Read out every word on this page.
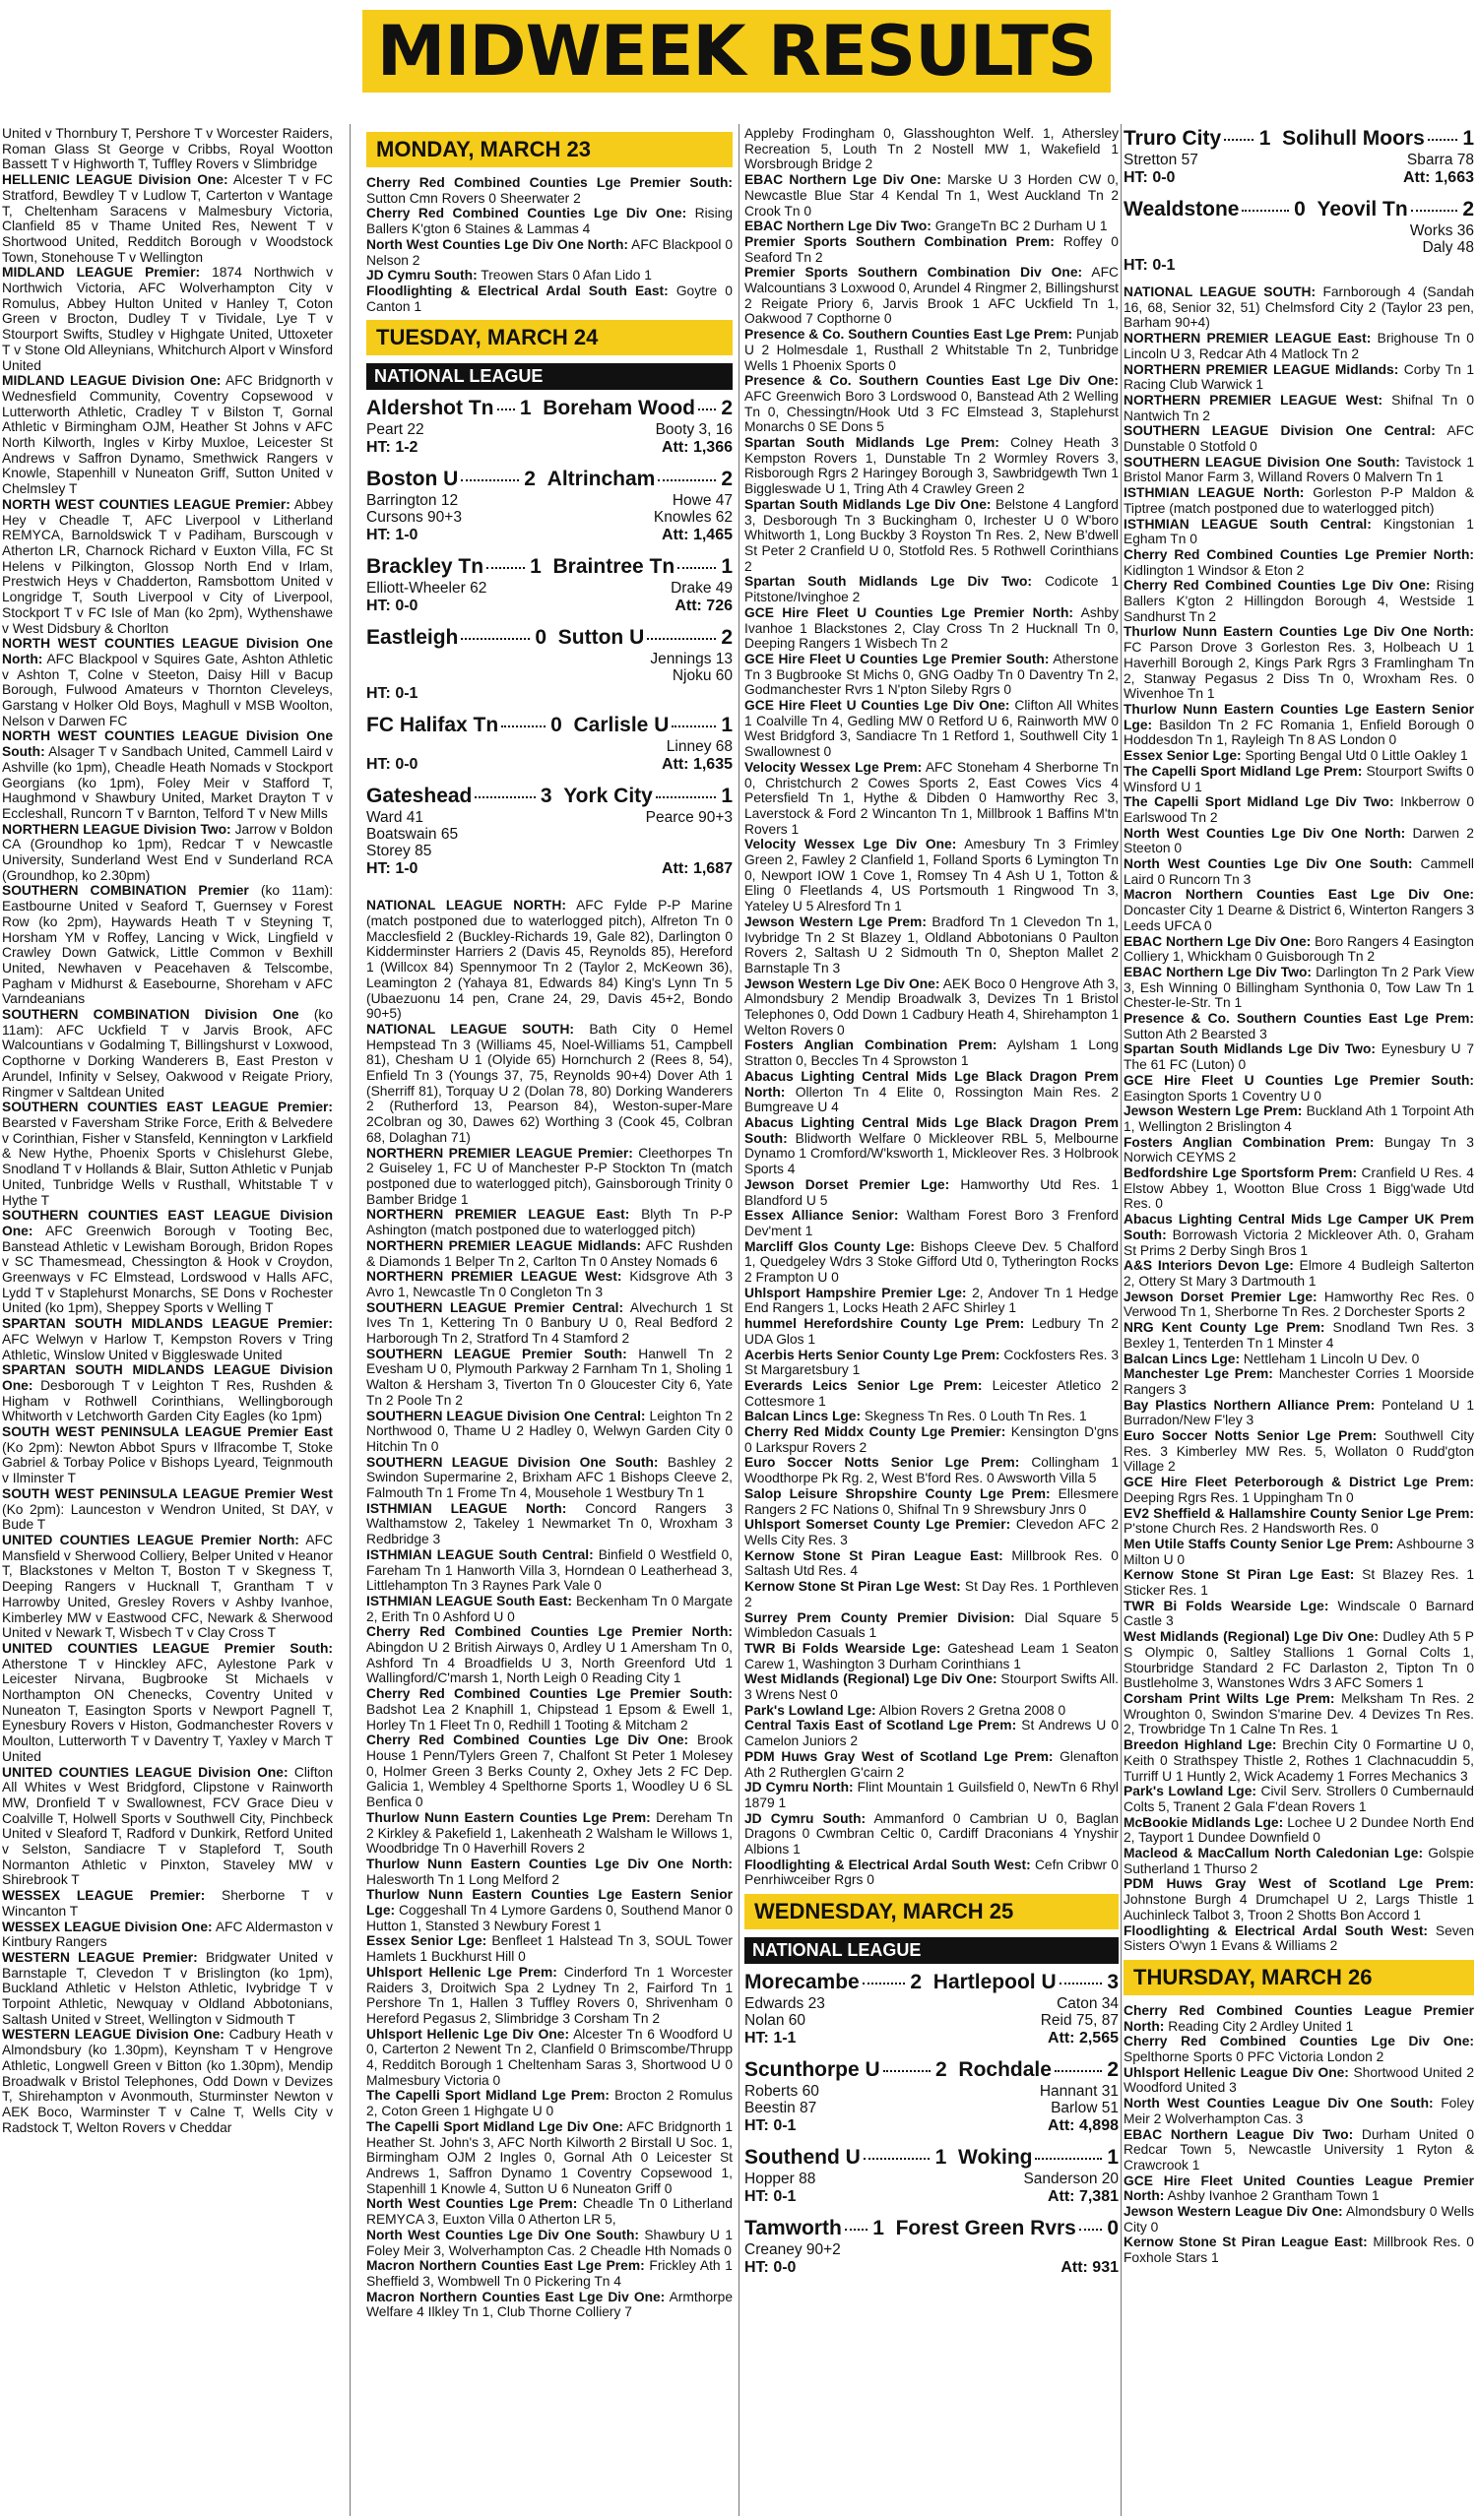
MIDWEEK RESULTS

United v Thornbury T, Pershore T v Worcester Raiders, Roman Glass St George v Cribbs, Royal Wootton Bassett T v Highworth T, Tuffley Rovers v Slimbridge

HELLENIC LEAGUE Division One: Alcester T v FC Stratford, Bewdley T v Ludlow T, Carterton v Wantage T, Cheltenham Saracens v Malmesbury Victoria, Clanfield 85 v Thame United Res, Newent T v Shortwood United, Redditch Borough v Woodstock Town, Stonehouse T v Wellington

MIDLAND LEAGUE Premier: 1874 Northwich v Northwich Victoria, AFC Wolverhampton City v Romulus, Abbey Hulton United v Hanley T, Coton Green v Brocton, Dudley T v Tividale, Lye T v Stourport Swifts, Studley v Highgate United, Uttoxeter T v Stone Old Alleynians, Whitchurch Alport v Winsford United

MIDLAND LEAGUE Division One: AFC Bridgnorth v Wednesfield Community, Coventry Copsewood v Lutterworth Athletic, Cradley T v Bilston T, Gornal Athletic v Birmingham OJM, Heather St Johns v AFC North Kilworth, Ingles v Kirby Muxloe, Leicester St Andrews v Saffron Dynamo, Smethwick Rangers v Knowle, Stapenhill v Nuneaton Griff, Sutton United v Chelmsley T

NORTH WEST COUNTIES LEAGUE Premier: Abbey Hey v Cheadle T, AFC Liverpool v Litherland REMYCA, Barnoldswick T v Padiham, Burscough v Atherton LR, Charnock Richard v Euxton Villa, FC St Helens v Pilkington, Glossop North End v Irlam, Prestwich Heys v Chadderton, Ramsbottom United v Longridge T, South Liverpool v City of Liverpool, Stockport T v FC Isle of Man (ko 2pm), Wythenshawe v West Didsbury & Chorlton

NORTH WEST COUNTIES LEAGUE Division One North: AFC Blackpool v Squires Gate, Ashton Athletic v Ashton T, Colne v Steeton, Daisy Hill v Bacup Borough, Fulwood Amateurs v Thornton Cleveleys, Garstang v Holker Old Boys, Maghull v MSB Woolton, Nelson v Darwen FC

NORTH WEST COUNTIES LEAGUE Division One South: Alsager T v Sandbach United, Cammell Laird v Ashville (ko 1pm), Cheadle Heath Nomads v Stockport Georgians (ko 1pm), Foley Meir v Stafford T, Haughmond v Shawbury United, Market Drayton T v Eccleshall, Runcorn T v Barnton, Telford T v New Mills

NORTHERN LEAGUE Division Two: Jarrow v Boldon CA (Groundhop ko 1pm), Redcar T v Newcastle University, Sunderland West End v Sunderland RCA (Groundhop, ko 2.30pm)

SOUTHERN COMBINATION Premier (ko 11am): Eastbourne United v Seaford T, Guernsey v Forest Row (ko 2pm), Haywards Heath T v Steyning T, Horsham YM v Roffey, Lancing v Wick, Lingfield v Crawley Down Gatwick, Little Common v Bexhill United, Newhaven v Peacehaven & Telscombe, Pagham v Midhurst & Easebourne, Shoreham v AFC Varndeanians

SOUTHERN COMBINATION Division One (ko 11am): AFC Uckfield T v Jarvis Brook, AFC Walcountians v Godalming T, Billingshurst v Loxwood, Copthorne v Dorking Wanderers B, East Preston v Arundel, Infinity v Selsey, Oakwood v Reigate Priory, Ringmer v Saltdean United

SOUTHERN COUNTIES EAST LEAGUE Premier: Bearsted v Faversham Strike Force, Erith & Belvedere v Corinthian, Fisher v Stansfeld, Kennington v Larkfield & New Hythe, Phoenix Sports v Chislehurst Glebe, Snodland T v Hollands & Blair, Sutton Athletic v Punjab United, Tunbridge Wells v Rusthall, Whitstable T v Hythe T

SOUTHERN COUNTIES EAST LEAGUE Division One: AFC Greenwich Borough v Tooting Bec, Banstead Athletic v Lewisham Borough, Bridon Ropes v SC Thamesmead, Chessington & Hook v Croydon, Greenways v FC Elmstead, Lordswood v Halls AFC, Lydd T v Staplehurst Monarchs, SE Dons v Rochester United (ko 1pm), Sheppey Sports v Welling T

SPARTAN SOUTH MIDLANDS LEAGUE Premier: AFC Welwyn v Harlow T, Kempston Rovers v Tring Athletic, Winslow United v Biggleswade United

SPARTAN SOUTH MIDLANDS LEAGUE Division One: Desborough T v Leighton T Res, Rushden & Higham v Rothwell Corinthians, Wellingborough Whitworth v Letchworth Garden City Eagles (ko 1pm)

SOUTH WEST PENINSULA LEAGUE Premier East (Ko 2pm): Newton Abbot Spurs v Ilfracombe T, Stoke Gabriel & Torbay Police v Bishops Lyeard, Teignmouth v Ilminster T

SOUTH WEST PENINSULA LEAGUE Premier West (Ko 2pm): Launceston v Wendron United, St DAY, v Bude T

UNITED COUNTIES LEAGUE Premier North: AFC Mansfield v Sherwood Colliery, Belper United v Heanor T, Blackstones v Melton T, Boston T v Skegness T, Deeping Rangers v Hucknall T, Grantham T v Harrowby United, Gresley Rovers v Ashby Ivanhoe, Kimberley MW v Eastwood CFC, Newark & Sherwood United v Newark T, Wisbech T v Clay Cross T

UNITED COUNTIES LEAGUE Premier South: Atherstone T v Hinckley AFC, Aylestone Park v Leicester Nirvana, Bugbrooke St Michaels v Northampton ON Chenecks, Coventry United v Nuneaton T, Easington Sports v Newport Pagnell T, Eynesbury Rovers v Histon, Godmanchester Rovers v Moulton, Lutterworth T v Daventry T, Yaxley v March T United

UNITED COUNTIES LEAGUE Division One: Clifton All Whites v West Bridgford, Clipstone v Rainworth MW, Dronfield T v Swallownest, FCV Grace Dieu v Coalville T, Holwell Sports v Southwell City, Pinchbeck United v Sleaford T, Radford v Dunkirk, Retford United v Selston, Sandiacre T v Stapleford T, South Normanton Athletic v Pinxton, Staveley MW v Shirebrook T

WESSEX LEAGUE Premier: Sherborne T v Wincanton T

WESSEX LEAGUE Division One: AFC Aldermaston v Kintbury Rangers

WESTERN LEAGUE Premier: Bridgwater United v Barnstaple T, Clevedon T v Brislington (ko 1pm), Buckland Athletic v Helston Athletic, Ivybridge T v Torpoint Athletic, Newquay v Oldland Abbotonians, Saltash United v Street, Wellington v Sidmouth T

WESTERN LEAGUE Division One: Cadbury Heath v Almondsbury (ko 1.30pm), Keynsham T v Hengrove Athletic, Longwell Green v Bitton (ko 1.30pm), Mendip Broadwalk v Bristol Telephones, Odd Down v Devizes T, Shirehampton v Avonmouth, Sturminster Newton v AEK Boco, Warminster T v Calne T, Wells City v Radstock T, Welton Rovers v Cheddar

MONDAY, MARCH 23

Cherry Red Combined Counties Lge Premier South: Sutton Cmn Rovers 0 Sheerwater 2

Cherry Red Combined Counties Lge Div One: Rising Ballers K'gton 6 Staines & Lammas 4

North West Counties Lge Div One North: AFC Blackpool 0 Nelson 2

JD Cymru South: Treowen Stars 0 Afan Lido 1

Floodlighting & Electrical Ardal South East: Goytre 0 Canton 1

TUESDAY, MARCH 24
NATIONAL LEAGUE
Aldershot Tn 1
Boreham Wood 2
Peart 22	Booty 3, 16
HT: 1-2	Att: 1,366
Boston U	2
Altrincham	2
Barrington 12	Howe 47
Cursons 90+3	Knowles 62
HT: 1-0	Att: 1,465
Brackley Tn 1
Braintree Tn 1
Elliott-Wheeler 62	Drake 49
HT: 0-0	Att: 726
Eastleigh	0
Sutton U	2
Jennings 13
Njoku 60
HT: 0-1
FC Halifax Tn	0
Carlisle U	1
Linney 68
HT: 0-0	Att: 1,635
Gateshead	3
York City	1
Ward 41	Pearce 90+3
Boatswain 65
Storey 85
HT: 1-0	Att: 1,687

NATIONAL LEAGUE NORTH: AFC Fylde P-P Marine (match postponed due to waterlogged pitch), Alfreton Tn 0 Macclesfield 2 (Buckley-Richards 19, Gale 82), Darlington 0 Kidderminster Harriers 2 (Davis 45, Reynolds 85), Hereford 1 (Willcox 84) Spennymoor Tn 2 (Taylor 2, McKeown 36), Leamington 2 (Yahaya 81, Edwards 84) King's Lynn Tn 5 (Ubaezuonu 14 pen, Crane 24, 29, Davis 45+2, Bondo 90+5)

NATIONAL LEAGUE SOUTH: Bath City 0 Hemel Hempstead Tn 3 (Williams 45, Noel-Williams 51, Campbell 81), Chesham U 1 (Olyide 65) Hornchurch 2 (Rees 8, 54), Enfield Tn 3 (Youngs 37, 75, Reynolds 90+4) Dover Ath 1 (Sherriff 81), Torquay U 2 (Dolan 78, 80) Dorking Wanderers 2 (Rutherford 13, Pearson 84), Weston-super-Mare 2Colbran og 30, Dawes 62) Worthing 3 (Cook 45, Colbran 68, Dolaghan 71)

NORTHERN PREMIER LEAGUE Premier: Cleethorpes Tn 2 Guiseley 1, FC U of Manchester P-P Stockton Tn (match postponed due to waterlogged pitch), Gainsborough Trinity 0 Bamber Bridge 1

NORTHERN PREMIER LEAGUE East: Blyth Tn P-P Ashington (match postponed due to waterlogged pitch)

NORTHERN PREMIER LEAGUE Midlands: AFC Rushden & Diamonds 1 Belper Tn 2, Carlton Tn 0 Anstey Nomads 6

NORTHERN PREMIER LEAGUE West: Kidsgrove Ath 3 Avro 1, Newcastle Tn 0 Congleton Tn 3

SOUTHERN LEAGUE Premier Central: Alvechurch 1 St Ives Tn 1, Kettering Tn 0 Banbury U 0, Real Bedford 2 Harborough Tn 2, Stratford Tn 4 Stamford 2

SOUTHERN LEAGUE Premier South: Hanwell Tn 2 Evesham U 0, Plymouth Parkway 2 Farnham Tn 1, Sholing 1 Walton & Hersham 3, Tiverton Tn 0 Gloucester City 6, Yate Tn 2 Poole Tn 2

SOUTHERN LEAGUE Division One Central: Leighton Tn 2 Northwood 0, Thame U 2 Hadley 0, Welwyn Garden City 0 Hitchin Tn 0

SOUTHERN LEAGUE Division One South: Bashley 2 Swindon Supermarine 2, Brixham AFC 1 Bishops Cleeve 2, Falmouth Tn 1 Frome Tn 4, Mousehole 1 Westbury Tn 1

ISTHMIAN LEAGUE North: Concord Rangers 3 Walthamstow 2, Takeley 1 Newmarket Tn 0, Wroxham 3 Redbridge 3

ISTHMIAN LEAGUE South Central: Binfield 0 Westfield 0, Fareham Tn 1 Hanworth Villa 3, Horndean 0 Leatherhead 3, Littlehampton Tn 3 Raynes Park Vale 0

ISTHMIAN LEAGUE South East: Beckenham Tn 0 Margate 2, Erith Tn 0 Ashford U 0

Cherry Red Combined Counties Lge Premier North: Abingdon U 2 British Airways 0, Ardley U 1 Amersham Tn 0, Ashford Tn 4 Broadfields U 3, North Greenford Utd 1 Wallingford/C'marsh 1, North Leigh 0 Reading City 1

Cherry Red Combined Counties Lge Premier South: Badshot Lea 2 Knaphill 1, Chipstead 1 Epsom & Ewell 1, Horley Tn 1 Fleet Tn 0, Redhill 1 Tooting & Mitcham 2

Cherry Red Combined Counties Lge Div One: Brook House 1 Penn/Tylers Green 7, Chalfont St Peter 1 Molesey 0, Holmer Green 3 Berks County 2, Oxhey Jets 2 FC Dep. Galicia 1, Wembley 4 Spelthorne Sports 1, Woodley U 6 SL Benfica 0

Thurlow Nunn Eastern Counties Lge Prem: Dereham Tn 2 Kirkley & Pakefield 1, Lakenheath 2 Walsham le Willows 1, Woodbridge Tn 0 Haverhill Rovers 2

Thurlow Nunn Eastern Counties Lge Div One North: Halesworth Tn 1 Long Melford 2

Thurlow Nunn Eastern Counties Lge Eastern Senior Lge: Coggeshall Tn 4 Lymore Gardens 0, Southend Manor 0 Hutton 1, Stansted 3 Newbury Forest 1

Essex Senior Lge: Benfleet 1 Halstead Tn 3, SOUL Tower Hamlets 1 Buckhurst Hill 0

Uhlsport Hellenic Lge Prem: Cinderford Tn 1 Worcester Raiders 3, Droitwich Spa 2 Lydney Tn 2, Fairford Tn 1 Pershore Tn 1, Hallen 3 Tuffley Rovers 0, Shrivenham 0 Hereford Pegasus 2, Slimbridge 3 Corsham Tn 2

Uhlsport Hellenic Lge Div One: Alcester Tn 6 Woodford U 0, Carterton 2 Newent Tn 2, Clanfield 0 Brimscombe/Thrupp 4, Redditch Borough 1 Cheltenham Saras 3, Shortwood U 0 Malmesbury Victoria 0

The Capelli Sport Midland Lge Prem: Brocton 2 Romulus 2, Coton Green 1 Highgate U 0

The Capelli Sport Midland Lge Div One: AFC Bridgnorth 1 Heather St. John's 3, AFC North Kilworth 2 Birstall U Soc. 1, Birmingham OJM 2 Ingles 0, Gornal Ath 0 Leicester St Andrews 1, Saffron Dynamo 1 Coventry Copsewood 1, Stapenhill 1 Knowle 4, Sutton U 6 Nuneaton Griff 0

North West Counties Lge Prem: Cheadle Tn 0 Litherland REMYCA 3, Euxton Villa 0 Atherton LR 5,

North West Counties Lge Div One South: Shawbury U 1 Foley Meir 3, Wolverhampton Cas. 2 Cheadle Hth Nomads 0

Macron Northern Counties East Lge Prem: Frickley Ath 1 Sheffield 3, Wombwell Tn 0 Pickering Tn 4

Macron Northern Counties East Lge Div One: Armthorpe Welfare 4 Ilkley Tn 1, Club Thorne Colliery 7

Appleby Frodingham 0, Glasshoughton Welf. 1, Athersley Recreation 5, Louth Tn 2 Nostell MW 1, Wakefield 1 Worsbrough Bridge 2

EBAC Northern Lge Div One: Marske U 3 Horden CW 0, Newcastle Blue Star 4 Kendal Tn 1, West Auckland Tn 2 Crook Tn 0

EBAC Northern Lge Div Two: GrangeTn BC 2 Durham U 1

Premier Sports Southern Combination Prem: Roffey 0 Seaford Tn 2

Premier Sports Southern Combination Div One: AFC Walcountians 3 Loxwood 0, Arundel 4 Ringmer 2, Billingshurst 2 Reigate Priory 6, Jarvis Brook 1 AFC Uckfield Tn 1, Oakwood 7 Copthorne 0

Presence & Co. Southern Counties East Lge Prem: Punjab U 2 Holmesdale 1, Rusthall 2 Whitstable Tn 2, Tunbridge Wells 1 Phoenix Sports 0

Presence & Co. Southern Counties East Lge Div One: AFC Greenwich Boro 3 Lordswood 0, Banstead Ath 2 Welling Tn 0, Chessingtn/Hook Utd 3 FC Elmstead 3, Staplehurst Monarchs 0 SE Dons 5

Spartan South Midlands Lge Prem: Colney Heath 3 Kempston Rovers 1, Dunstable Tn 2 Wormley Rovers 3, Risborough Rgrs 2 Haringey Borough 3, Sawbridgewth Twn 1 Biggleswade U 1, Tring Ath 4 Crawley Green 2

Spartan South Midlands Lge Div One: Belstone 4 Langford 3, Desborough Tn 3 Buckingham 0, Irchester U 0 W'boro Whitworth 1, Long Buckby 3 Royston Tn Res. 2, New B'dwell St Peter 2 Cranfield U 0, Stotfold Res. 5 Rothwell Corinthians 2

Spartan South Midlands Lge Div Two: Codicote 1 Pitstone/Ivinghoe 2

GCE Hire Fleet U Counties Lge Premier North: Ashby Ivanhoe 1 Blackstones 2, Clay Cross Tn 2 Hucknall Tn 0, Deeping Rangers 1 Wisbech Tn 2

GCE Hire Fleet U Counties Lge Premier South: Atherstone Tn 3 Bugbrooke St Michs 0, GNG Oadby Tn 0 Daventry Tn 2, Godmanchester Rvrs 1 N'pton Sileby Rgrs 0

GCE Hire Fleet U Counties Lge Div One: Clifton All Whites 1 Coalville Tn 4, Gedling MW 0 Retford U 6, Rainworth MW 0 West Bridgford 3, Sandiacre Tn 1 Retford 1, Southwell City 1 Swallownest 0

Velocity Wessex Lge Prem: AFC Stoneham 4 Sherborne Tn 0, Christchurch 2 Cowes Sports 2, East Cowes Vics 4 Petersfield Tn 1, Hythe & Dibden 0 Hamworthy Rec 3, Laverstock & Ford 2 Wincanton Tn 1, Millbrook 1 Baffins M'tn Rovers 1

Velocity Wessex Lge Div One: Amesbury Tn 3 Frimley Green 2, Fawley 2 Clanfield 1, Folland Sports 6 Lymington Tn 0, Newport IOW 1 Cove 1, Romsey Tn 4 Ash U 1, Totton & Eling 0 Fleetlands 4, US Portsmouth 1 Ringwood Tn 3, Yateley U 5 Alresford Tn 1

Jewson Western Lge Prem: Bradford Tn 1 Clevedon Tn 1, Ivybridge Tn 2 St Blazey 1, Oldland Abbotonians 0 Paulton Rovers 2, Saltash U 2 Sidmouth Tn 0, Shepton Mallet 2 Barnstaple Tn 3

Jewson Western Lge Div One: AEK Boco 0 Hengrove Ath 3, Almondsbury 2 Mendip Broadwalk 3, Devizes Tn 1 Bristol Telephones 0, Odd Down 1 Cadbury Heath 4, Shirehampton 1 Welton Rovers 0

Fosters Anglian Combination Prem: Aylsham 1 Long Stratton 0, Beccles Tn 4 Sprowston 1

Abacus Lighting Central Mids Lge Black Dragon Prem North: Ollerton Tn 4 Elite 0, Rossington Main Res. 2 Bumgreave U 4

Abacus Lighting Central Mids Lge Black Dragon Prem South: Blidworth Welfare 0 Mickleover RBL 5, Melbourne Dynamo 1 Cromford/W'ksworth 1, Mickleover Res. 3 Holbrook Sports 4

Jewson Dorset Premier Lge: Hamworthy Utd Res. 1 Blandford U 5

Essex Alliance Senior: Waltham Forest Boro 3 Frenford Dev'ment 1

Marcliff Glos County Lge: Bishops Cleeve Dev. 5 Chalford 1, Quedgeley Wdrs 3 Stoke Gifford Utd 0, Tytherington Rocks 2 Frampton U 0

Uhlsport Hampshire Premier Lge: 2, Andover Tn 1 Hedge End Rangers 1, Locks Heath 2 AFC Shirley 1

hummel Herefordshire County Lge Prem: Ledbury Tn 2 UDA Glos 1

Acerbis Herts Senior County Lge Prem: Cockfosters Res. 3 St Margaretsbury 1

Everards Leics Senior Lge Prem: Leicester Atletico 2 Cottesmore 1

Balcan Lincs Lge: Skegness Tn Res. 0 Louth Tn Res. 1

Cherry Red Middx County Lge Premier: Kensington D'gns 0 Larkspur Rovers 2

Euro Soccer Notts Senior Lge Prem: Collingham 1 Woodthorpe Pk Rg. 2, West B'ford Res. 0 Awsworth Villa 5

Salop Leisure Shropshire County Lge Prem: Ellesmere Rangers 2 FC Nations 0, Shifnal Tn 9 Shrewsbury Jnrs 0

Uhlsport Somerset County Lge Premier: Clevedon AFC 2 Wells City Res. 3

Kernow Stone St Piran League East: Millbrook Res. 0 Saltash Utd Res. 4

Kernow Stone St Piran Lge West: St Day Res. 1 Porthleven 2

Surrey Prem County Premier Division: Dial Square 5 Wimbledon Casuals 1

TWR Bi Folds Wearside Lge: Gateshead Leam 1 Seaton Carew 1, Washington 3 Durham Corinthians 1

West Midlands (Regional) Lge Div One: Stourport Swifts All. 3 Wrens Nest 0

Park's Lowland Lge: Albion Rovers 2 Gretna 2008 0

Central Taxis East of Scotland Lge Prem: St Andrews U 0 Camelon Juniors 2

PDM Huws Gray West of Scotland Lge Prem: Glenafton Ath 2 Rutherglen G'cairn 2

JD Cymru North: Flint Mountain 1 Guilsfield 0, NewTn 6 Rhyl 1879 1

JD Cymru South: Ammanford 0 Cambrian U 0, Baglan Dragons 0 Cwmbran Celtic 0, Cardiff Draconians 4 Ynyshir Albions 1

Floodlighting & Electrical Ardal South West: Cefn Cribwr 0 Penrhiwceiber Rgrs 0

WEDNESDAY, MARCH 25
NATIONAL LEAGUE
Morecambe 2
Hartlepool U 3
Edwards 23	Caton 34
Nolan 60	Reid 75, 87
HT: 1-1	Att: 2,565
Scunthorpe U	2
Rochdale	2
Roberts 60	Hannant 31
Beestin 87	Barlow 51
HT: 0-1	Att: 4,898
Southend U	1
Woking	1
Hopper 88	Sanderson 20
HT: 0-1	Att: 7,381
Tamworth 1
Forest Green Rvrs 0
Creaney 90+2
HT: 0-0	Att: 931
Truro City 1
Solihull Moors 1
Stretton 57	Sbarra 78
HT: 0-0	Att: 1,663
Wealdstone	0
Yeovil Tn	2
Works 36
Daly 48
HT: 0-1

NATIONAL LEAGUE SOUTH: Farnborough 4 (Sandah 16, 68, Senior 32, 51) Chelmsford City 2 (Taylor 23 pen, Barham 90+4)

NORTHERN PREMIER LEAGUE East: Brighouse Tn 0 Lincoln U 3, Redcar Ath 4 Matlock Tn 2

NORTHERN PREMIER LEAGUE Midlands: Corby Tn 1 Racing Club Warwick 1

NORTHERN PREMIER LEAGUE West: Shifnal Tn 0 Nantwich Tn 2

SOUTHERN LEAGUE Division One Central: AFC Dunstable 0 Stotfold 0

SOUTHERN LEAGUE Division One South: Tavistock 1 Bristol Manor Farm 3, Willand Rovers 0 Malvern Tn 1

ISTHMIAN LEAGUE North: Gorleston P-P Maldon & Tiptree (match postponed due to waterlogged pitch)

ISTHMIAN LEAGUE South Central: Kingstonian 1 Egham Tn 0

Cherry Red Combined Counties Lge Premier North: Kidlington 1 Windsor & Eton 2

Cherry Red Combined Counties Lge Div One: Rising Ballers K'gton 2 Hillingdon Borough 4, Westside 1 Sandhurst Tn 2

Thurlow Nunn Eastern Counties Lge Div One North: FC Parson Drove 3 Gorleston Res. 3, Holbeach U 1 Haverhill Borough 2, Kings Park Rgrs 3 Framlingham Tn 2, Stanway Pegasus 2 Diss Tn 0, Wroxham Res. 0 Wivenhoe Tn 1

Thurlow Nunn Eastern Counties Lge Eastern Senior Lge: Basildon Tn 2 FC Romania 1, Enfield Borough 0 Hoddesdon Tn 1, Rayleigh Tn 8 AS London 0

Essex Senior Lge: Sporting Bengal Utd 0 Little Oakley 1

The Capelli Sport Midland Lge Prem: Stourport Swifts 0 Winsford U 1

The Capelli Sport Midland Lge Div Two: Inkberrow 0 Earlswood Tn 2

North West Counties Lge Div One North: Darwen 2 Steeton 0

North West Counties Lge Div One South: Cammell Laird 0 Runcorn Tn 3

Macron Northern Counties East Lge Div One: Doncaster City 1 Dearne & District 6, Winterton Rangers 3 Leeds UFCA 0

EBAC Northern Lge Div One: Boro Rangers 4 Easington Colliery 1, Whickham 0 Guisborough Tn 2

EBAC Northern Lge Div Two: Darlington Tn 2 Park View 3, Esh Winning 0 Billingham Synthonia 0, Tow Law Tn 1 Chester-le-Str. Tn 1

Presence & Co. Southern Counties East Lge Prem: Sutton Ath 2 Bearsted 3

Spartan South Midlands Lge Div Two: Eynesbury U 7 The 61 FC (Luton) 0

GCE Hire Fleet U Counties Lge Premier South: Easington Sports 1 Coventry U 0

Jewson Western Lge Prem: Buckland Ath 1 Torpoint Ath 1, Wellington 2 Brislington 4

Fosters Anglian Combination Prem: Bungay Tn 3 Norwich CEYMS 2

Bedfordshire Lge Sportsform Prem: Cranfield U Res. 4 Elstow Abbey 1, Wootton Blue Cross 1 Bigg'wade Utd Res. 0

Abacus Lighting Central Mids Lge Camper UK Prem South: Borrowash Victoria 2 Mickleover Ath. 0, Graham St Prims 2 Derby Singh Bros 1

A&S Interiors Devon Lge: Elmore 4 Budleigh Salterton 2, Ottery St Mary 3 Dartmouth 1

Jewson Dorset Premier Lge: Hamworthy Rec Res. 0 Verwood Tn 1, Sherborne Tn Res. 2 Dorchester Sports 2

NRG Kent County Lge Prem: Snodland Twn Res. 3 Bexley 1, Tenterden Tn 1 Minster 4

Balcan Lincs Lge: Nettleham 1 Lincoln U Dev. 0

Manchester Lge Prem: Manchester Corries 1 Moorside Rangers 3

Bay Plastics Northern Alliance Prem: Ponteland U 1 Burradon/New F'ley 3

Euro Soccer Notts Senior Lge Prem: Southwell City Res. 3 Kimberley MW Res. 5, Wollaton 0 Rudd'gton Village 2

GCE Hire Fleet Peterborough & District Lge Prem: Deeping Rgrs Res. 1 Uppingham Tn 0

EV2 Sheffield & Hallamshire County Senior Lge Prem: P'stone Church Res. 2 Handsworth Res. 0

Men Utile Staffs County Senior Lge Prem: Ashbourne 3 Milton U 0

Kernow Stone St Piran Lge East: St Blazey Res. 1 Sticker Res. 1

TWR Bi Folds Wearside Lge: Windscale 0 Barnard Castle 3

West Midlands (Regional) Lge Div One: Dudley Ath 5 P S Olympic 0, Saltley Stallions 1 Gornal Colts 1, Stourbridge Standard 2 FC Darlaston 2, Tipton Tn 0 Bustleholme 3, Wanstones Wdrs 3 AFC Somers 1

Corsham Print Wilts Lge Prem: Melksham Tn Res. 2 Wroughton 0, Swindon S'marine Dev. 4 Devizes Tn Res. 2, Trowbridge Tn 1 Calne Tn Res. 1

Breedon Highland Lge: Brechin City 0 Formartine U 0, Keith 0 Strathspey Thistle 2, Rothes 1 Clachnacuddin 5, Turriff U 1 Huntly 2, Wick Academy 1 Forres Mechanics 3

Park's Lowland Lge: Civil Serv. Strollers 0 Cumbernauld Colts 5, Tranent 2 Gala F'dean Rovers 1

McBookie Midlands Lge: Lochee U 2 Dundee North End 2, Tayport 1 Dundee Downfield 0

Macleod & MacCallum North Caledonian Lge: Golspie Sutherland 1 Thurso 2

PDM Huws Gray West of Scotland Lge Prem: Johnstone Burgh 4 Drumchapel U 2, Largs Thistle 1 Auchinleck Talbot 3, Troon 2 Shotts Bon Accord 1

Floodlighting & Electrical Ardal South West: Seven Sisters O'wyn 1 Evans & Williams 2

THURSDAY, MARCH 26

Cherry Red Combined Counties League Premier North: Reading City 2 Ardley United 1

Cherry Red Combined Counties Lge Div One: Spelthorne Sports 0 PFC Victoria London 2

Uhlsport Hellenic League Div One: Shortwood United 2 Woodford United 3

North West Counties League Div One South: Foley Meir 2 Wolverhampton Cas. 3

EBAC Northern League Div Two: Durham United 0 Redcar Town 5, Newcastle University 1 Ryton & Crawcrook 1

GCE Hire Fleet United Counties League Premier North: Ashby Ivanhoe 2 Grantham Town 1

Jewson Western League Div One: Almondsbury 0 Wells City 0

Kernow Stone St Piran League East: Millbrook Res. 0 Foxhole Stars 1
